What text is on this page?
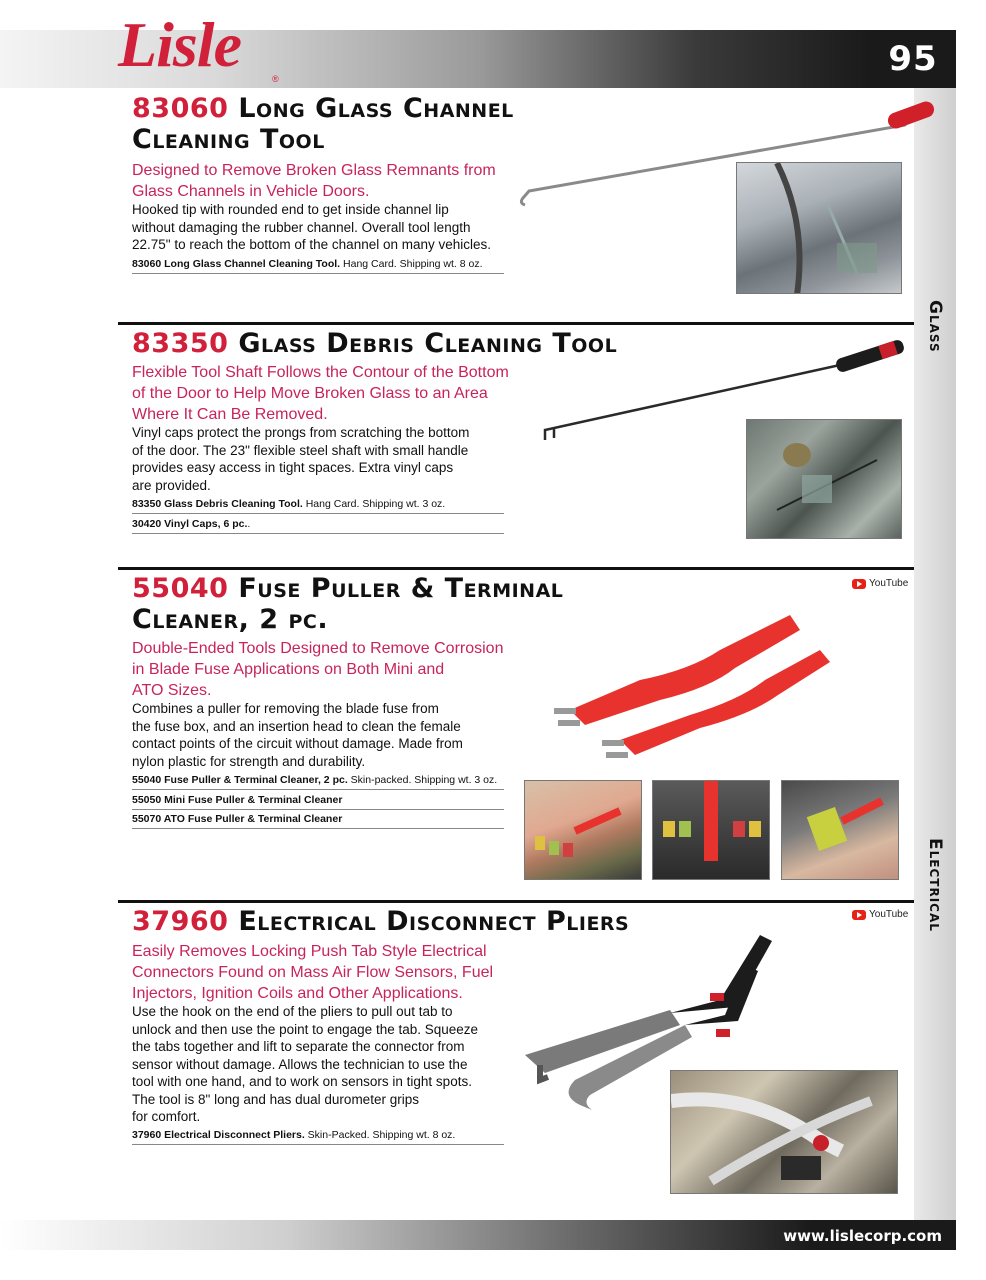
Lisle	®	95
Glass
Electrical
83060 Long Glass Channel
Cleaning Tool
Designed to Remove Broken Glass Remnants from
Glass Channels in Vehicle Doors.
Hooked tip with rounded end to get inside channel lip
without damaging the rubber channel. Overall tool length
22.75" to reach the bottom of the channel on many vehicles.
83060 Long Glass Channel Cleaning Tool. Hang Card. Shipping wt. 8 oz.
83350 Glass Debris Cleaning Tool
Flexible Tool Shaft Follows the Contour of the Bottom
of the Door to Help Move Broken Glass to an Area
Where It Can Be Removed.
Vinyl caps protect the prongs from scratching the bottom
of the door. The 23" flexible steel shaft with small handle
provides easy access in tight spaces. Extra vinyl caps
are provided.
83350 Glass Debris Cleaning Tool. Hang Card. Shipping wt. 3 oz.
30420 Vinyl Caps, 6 pc..
55040 Fuse Puller & Terminal
Cleaner, 2 pc.
YouTube
Double-Ended Tools Designed to Remove Corrosion
in Blade Fuse Applications on Both Mini and
ATO Sizes.
Combines a puller for removing the blade fuse from
the fuse box, and an insertion head to clean the female
contact points of the circuit without damage. Made from
nylon plastic for strength and durability.
55040 Fuse Puller & Terminal Cleaner, 2 pc. Skin-packed. Shipping wt. 3 oz.
55050 Mini Fuse Puller & Terminal Cleaner
55070 ATO Fuse Puller & Terminal Cleaner
37960 Electrical Disconnect Pliers	YouTube
Easily Removes Locking Push Tab Style Electrical
Connectors Found on Mass Air Flow Sensors, Fuel
Injectors, Ignition Coils and Other Applications.
Use the hook on the end of the pliers to pull out tab to
unlock and then use the point to engage the tab. Squeeze
the tabs together and lift to separate the connector from
sensor without damage. Allows the technician to use the
tool with one hand, and to work on sensors in tight spots.
The tool is 8" long and has dual durometer grips
for comfort.
37960 Electrical Disconnect Pliers. Skin-Packed. Shipping wt. 8 oz.
www.lislecorp.com
